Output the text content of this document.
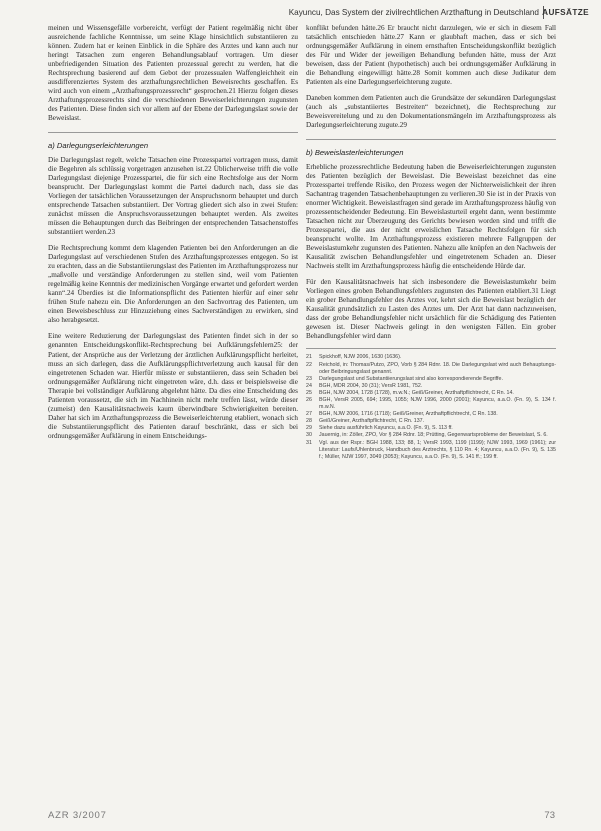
Kayuncu, Das System der zivilrechtlichen Arzthaftung in Deutschland AUFSÄTZE

meinen und Wissensgefälle vorbereicht, verfügt der Patient regelmäßig nicht über ausreichende fachliche Kenntnisse, um seine Klage hinsichtlich substantiieren zu können. Zudem hat er keinen Einblick in die Sphäre des Arztes und kann auch nur heringt Tatsachen zum engeren Behandlungsablauf vortragen. Um dieser unbefriedigenden Situation des Patienten prozessual gerecht zu werden, hat die Rechtsprechung basierend auf dem Gebot der prozessualen Waffengleichheit ein ausdifferenziertes System des arzthaftungsrechtlichen Beweisrechts geschaffen. Es wird auch von einem „Arzthaftungsprozessrecht“ gesprochen.21 Hierzu folgen dieses Arzthaftungsprozessrechts sind die verschiedenen Beweiserleichterungen zugunsten des Patienten. Diese finden sich vor allem auf der Ebene der Darlegungslast sowie der Beweislast.

a) Darlegungserleichterungen

Die Darlegungslast regelt, welche Tatsachen eine Prozesspartei vortragen muss, damit die Begehren als schlüssig vorgetragen anzusehen ist.22 Üblicherweise trifft die volle Darlegungslast diejenige Prozesspartei, die für sich eine Rechtsfolge aus der Norm beansprucht. Der Darlegungslast kommt die Partei dadurch nach, dass sie das Vorliegen der tatsächlichen Voraussetzungen der Anspruchsnorm behauptet und durch entsprechende Tatsachen substantiiert. Der Vortrag gliedert sich also in zwei Stufen: zunächst müssen die Anspruchsvoraussetzungen behauptet werden. Als zweites müssen die Behauptungen durch das Beibringen der entsprechenden Tatsachenstoffes substantiiert werden.23

Die Rechtsprechung kommt dem klagenden Patienten bei den Anforderungen an die Darlegungslast auf verschiedenen Stufen des Arzthaftungsprozesses entgegen. So ist zu erachten, dass an die Substantiierungslast des Patienten im Arzthaftungsprozess nur „maßvolle und verständige Anforderungen zu stellen sind, weil vom Patienten regelmäßig keine Kenntnis der medizinischen Vorgänge erwartet und gefordert werden kann“.24 Überdies ist die Informationspflicht des Patienten hierfür auf einer sehr frühen Stufe nahezu ein. Die Anforderungen an den Sachvortrag des Patienten, um einen Beweisbeschluss zur Hinzuziehung eines Sachverständigen zu erwirken, sind also herabgesetzt.

Eine weitere Reduzierung der Darlegungslast des Patienten findet sich in der so genannten Entscheidungskonflikt-Rechtsprechung bei Aufklärungsfehlern25: der Patient, der Ansprüche aus der Verletzung der ärztlichen Aufklärungspflicht herleitet, muss an sich darlegen, dass die Aufklärungspflichtverletzung auch kausal für den eingetretenen Schaden war. Hierfür müsste er substantiieren, dass sein Schaden bei ordnungsgemäßer Aufklärung nicht eingetreten wäre, d.h. dass er beispielsweise die Therapie bei vollständiger Aufklärung abgelehnt hätte. Da dies eine Entscheidung des Patienten voraussetzt, die sich im Nachhinein nicht mehr treffen lässt, würde dieser (zumeist) den Kausalitätsnachweis kaum überwindbare Schwierigkeiten bereiten. Daher hat sich im Arzthaftungsprozess die Beweiserleichterung etabliert, wonach sich die Substantiierungspflicht des Patienten darauf beschränkt, dass er sich bei ordnungsgemäßer Aufklärung in einem Entscheidungs-

konflikt befunden hätte.26 Er braucht nicht darzulegen, wie er sich in diesem Fall tatsächlich entschieden hätte.27 Kann er glaubhaft machen, dass er sich bei ordnungsgemäßer Aufklärung in einem ernsthaften Entscheidungskonflikt bezüglich des Für und Wider der jeweiligen Behandlung befunden hätte, muss der Arzt beweisen, dass der Patient (hypothetisch) auch bei ordnungsgemäßer Aufklärung in die Behandlung eingewilligt hätte.28 Somit kommen auch diese Judikatur dem Patienten als eine Darlegungserleichterung zugute.

Daneben kommen dem Patienten auch die Grundsätze der sekundären Darlegungslast (auch als „substantiiertes Bestreiten“ bezeichnet), die Rechtsprechung zur Beweisvereitelung und zu den Dokumentationsmängeln im Arzthaftungsprozess als Darlegungserleichterung zugute.29

b) Beweislasterleichterungen

Erhebliche prozessrechtliche Bedeutung haben die Beweiserleichterungen zugunsten des Patienten bezüglich der Beweislast. Die Beweislast bezeichnet das eine Prozesspartei treffende Risiko, den Prozess wegen der Nichterweislichkeit der ihren Sachantrag tragenden Tatsachenbehauptungen zu verlieren.30 Sie ist in der Praxis von enormer Wichtigkeit. Beweislastfragen sind gerade im Arzthaftungsprozess häufig von prozessentscheidender Bedeutung. Ein Beweislasturteil ergeht dann, wenn bestimmte Tatsachen nicht zur Überzeugung des Gerichts bewiesen worden sind und trifft die Prozesspartei, die aus der nicht erweislichen Tatsache Rechtsfolgen für sich beansprucht wollte. Im Arzthaftungsprozess existieren mehrere Fallgruppen der Beweislastumkehr zugunsten des Patienten. Nahezu alle knüpfen an den Nachweis der Kausalität zwischen Behandlungsfehler und eingetretenem Schaden an. Dieser Nachweis stellt im Arzthaftungsprozess häufig die entscheidende Hürde dar.

Für den Kausalitätsnachweis hat sich insbesondere die Beweislastumkehr beim Vorliegen eines groben Behandlungsfehlers zugunsten des Patienten etabliert.31 Liegt ein grober Behandlungsfehler des Arztes vor, kehrt sich die Beweislast bezüglich der Kausalität grundsätzlich zu Lasten des Arztes um. Der Arzt hat dann nachzuweisen, dass der grobe Behandlungsfehler nicht ursächlich für die Schädigung des Patienten gewesen ist. Dieser Nachweis gelingt in den wenigsten Fällen. Ein grober Behandlungsfehler wird dann

21	Spickhoff, NJW 2006, 1630 (1636).
22	Reichold, in: Thomas/Putzo, ZPO, Vorb § 284 Rdnr. 18. Die Darlegungslast wird auch Behauptungs- oder Beibringungslast genannt.
23	Darlegungslast und Substantiierungslast sind also korrespondierende Begriffe.
24	BGH, MDR 2004, 30 (31); VersR 1981, 752.
25	BGH, NJW 2004, 1728 (1728), m.w.N.; Geiß/Greiner, Arzthaftpflichtrecht, C Rn. 14.
26	BGH, VersR 2005, 694; 1995, 1055; NJW 1996, 2000 (2001); Kayuncu, a.a.O. (Fn. 9), S. 134 f. m.w.N.
27	BGH, NJW 2006, 1716 (1718); Geiß/Greiner, Arzthaftpflichtrecht, C Rn. 138.
28	Geiß/Greiner, Arzthaftpflichtrecht, C Rn. 137.
29	Siehe dazu ausführlich Kayuncu, a.a.O. (Fn. 9), S. 113 ff.
30	Jauernig, in: Zöller, ZPO, Vor § 284 Rdnr. 18; Prütting, Gegenwartsprobleme der Beweislast, S. 6.
31	Vgl. aus der Rspr.: BGH 1988, 133; 88, 1; VersR 1993, 1199 (1199); NJW 1993, 1969 (1961); zur Literatur: Laufs/Uhlenbruck, Handbuch des Arztrechts, § 110 Rn. 4; Kayuncu, a.a.O. (Fn. 9), S. 135 f.; Müller, NJW 1997, 3049 (3053); Kayuncu, a.a.O. (Fn. 9), S. 141 ff.; 199 ff.
AZR 3/2007	73
